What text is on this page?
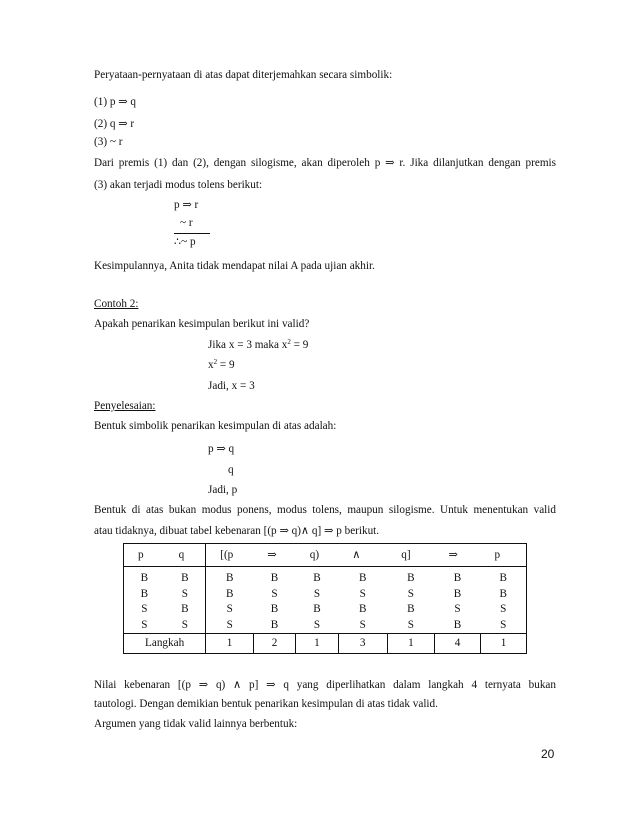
Peryataan-pernyataan di atas dapat diterjemahkan secara simbolik:
(1) p ⇒ q
(2) q ⇒ r
(3) ~ r
Dari premis (1) dan (2), dengan silogisme, akan diperoleh p ⇒ r. Jika dilanjutkan dengan premis
(3) akan terjadi modus tolens berikut:
p ⇒ r
~ r
∴~ p
Kesimpulannya, Anita tidak mendapat nilai A pada ujian akhir.
Contoh 2:
Apakah penarikan kesimpulan berikut ini valid?
Jika x = 3 maka $x^2 = 9$
$x^2 = 9$
Jadi, x = 3
Penyelesaian:
Bentuk simbolik penarikan kesimpulan di atas adalah:
p ⇒ q
q
Jadi, p
Bentuk di atas bukan modus ponens, modus tolens, maupun silogisme. Untuk menentukan valid
atau tidaknya, dibuat tabel kebenaran [(p ⇒ q)∧ q] ⇒ p berikut.
p	q	[(p	⇒	q)	∧	q]	⇒	p
B	B	B	B	B	B	B	B	B
B	S	B	S	S	S	S	B	B
S	B	S	B	B	B	B	S	S
S	S	S	B	S	S	S	B	S
Langkah		1	2	1	3	1	4	1
Nilai kebenaran [(p ⇒ q) ∧ p] ⇒ q yang diperlihatkan dalam langkah 4 ternyata bukan
tautologi. Dengan demikian bentuk penarikan kesimpulan di atas tidak valid.
Argumen yang tidak valid lainnya berbentuk:
20
